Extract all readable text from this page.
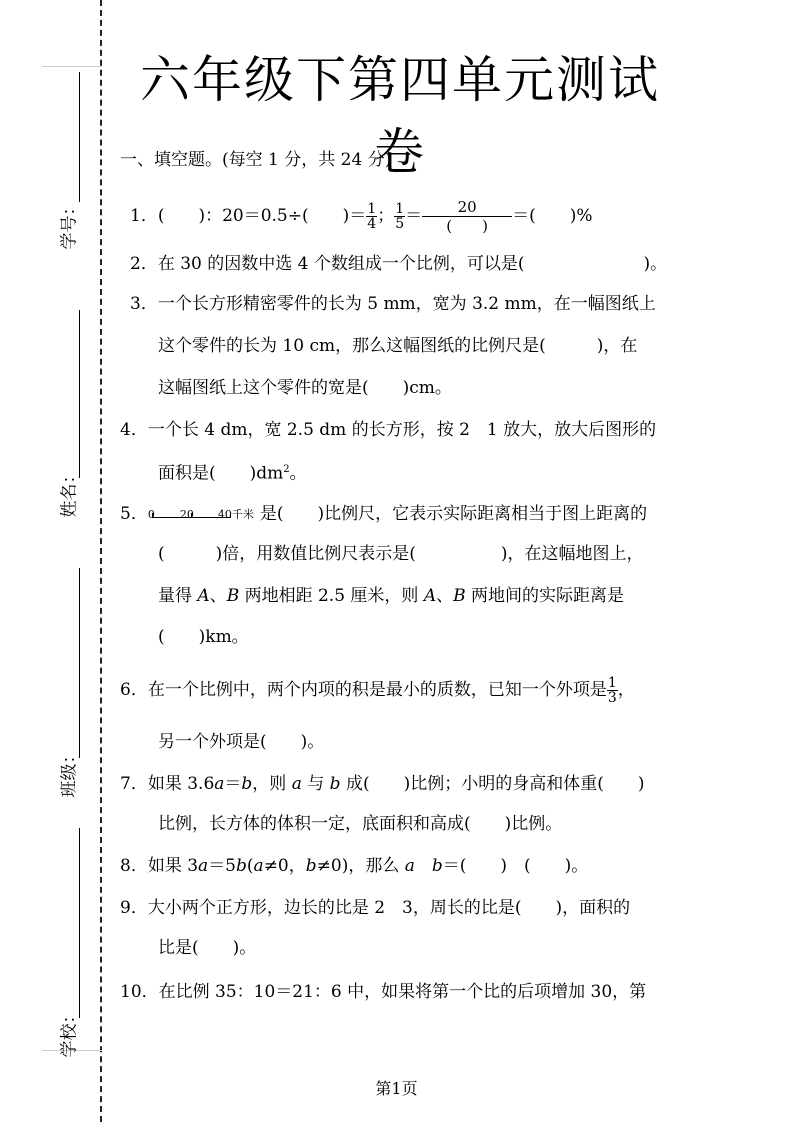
学号：
姓名：
班级：
学校：
六年级下第四单元测试卷
一、填空题。(每空 1 分，共 24 分)
1．(　　)：20＝0.5÷(　　)＝ $\frac{1}{4}$ ； $\frac{1}{5}$ ＝	20
(　　)	＝(　　)%
2．在 30 的因数中选 4 个数组成一个比例，可以是(　　　　　　　)。
3．一个长方形精密零件的长为 5 mm，宽为 3.2 mm，在一幅图纸上
这个零件的长为 10 cm，那么这幅图纸的比例尺是(　　　)，在
这幅图纸上这个零件的宽是(　　)cm。
4．一个长 4 dm，宽 2.5 dm 的长方形，按 2　1 放大，放大后图形的
面积是(　　)$dm^2$。
5． 0 20 40千米 是(　　)比例尺，它表示实际距离相当于图上距离的
(　　　)倍，用数值比例尺表示是(　　　　　)，在这幅地图上，
量得 A、B 两地相距 2.5 厘米，则 A、B 两地间的实际距离是
(　　)km。
6．在一个比例中，两个内项的积是最小的质数，已知一个外项是 $\frac{1}{3}$ ，
另一个外项是(　　)。
7．如果 3.6a＝b，则 a 与 b 成(　　)比例；小明的身高和体重(　　)
比例，长方体的体积一定，底面积和高成(　　)比例。
8．如果 3a＝5b(a≠0，b≠0)，那么 a　 b＝(　　)　(　　)。
9．大小两个正方形，边长的比是 2　3，周长的比是(　　)，面积的
比是(　　)。
10．在比例 35：10＝21：6 中，如果将第一个比的后项增加 30，第
第1页
